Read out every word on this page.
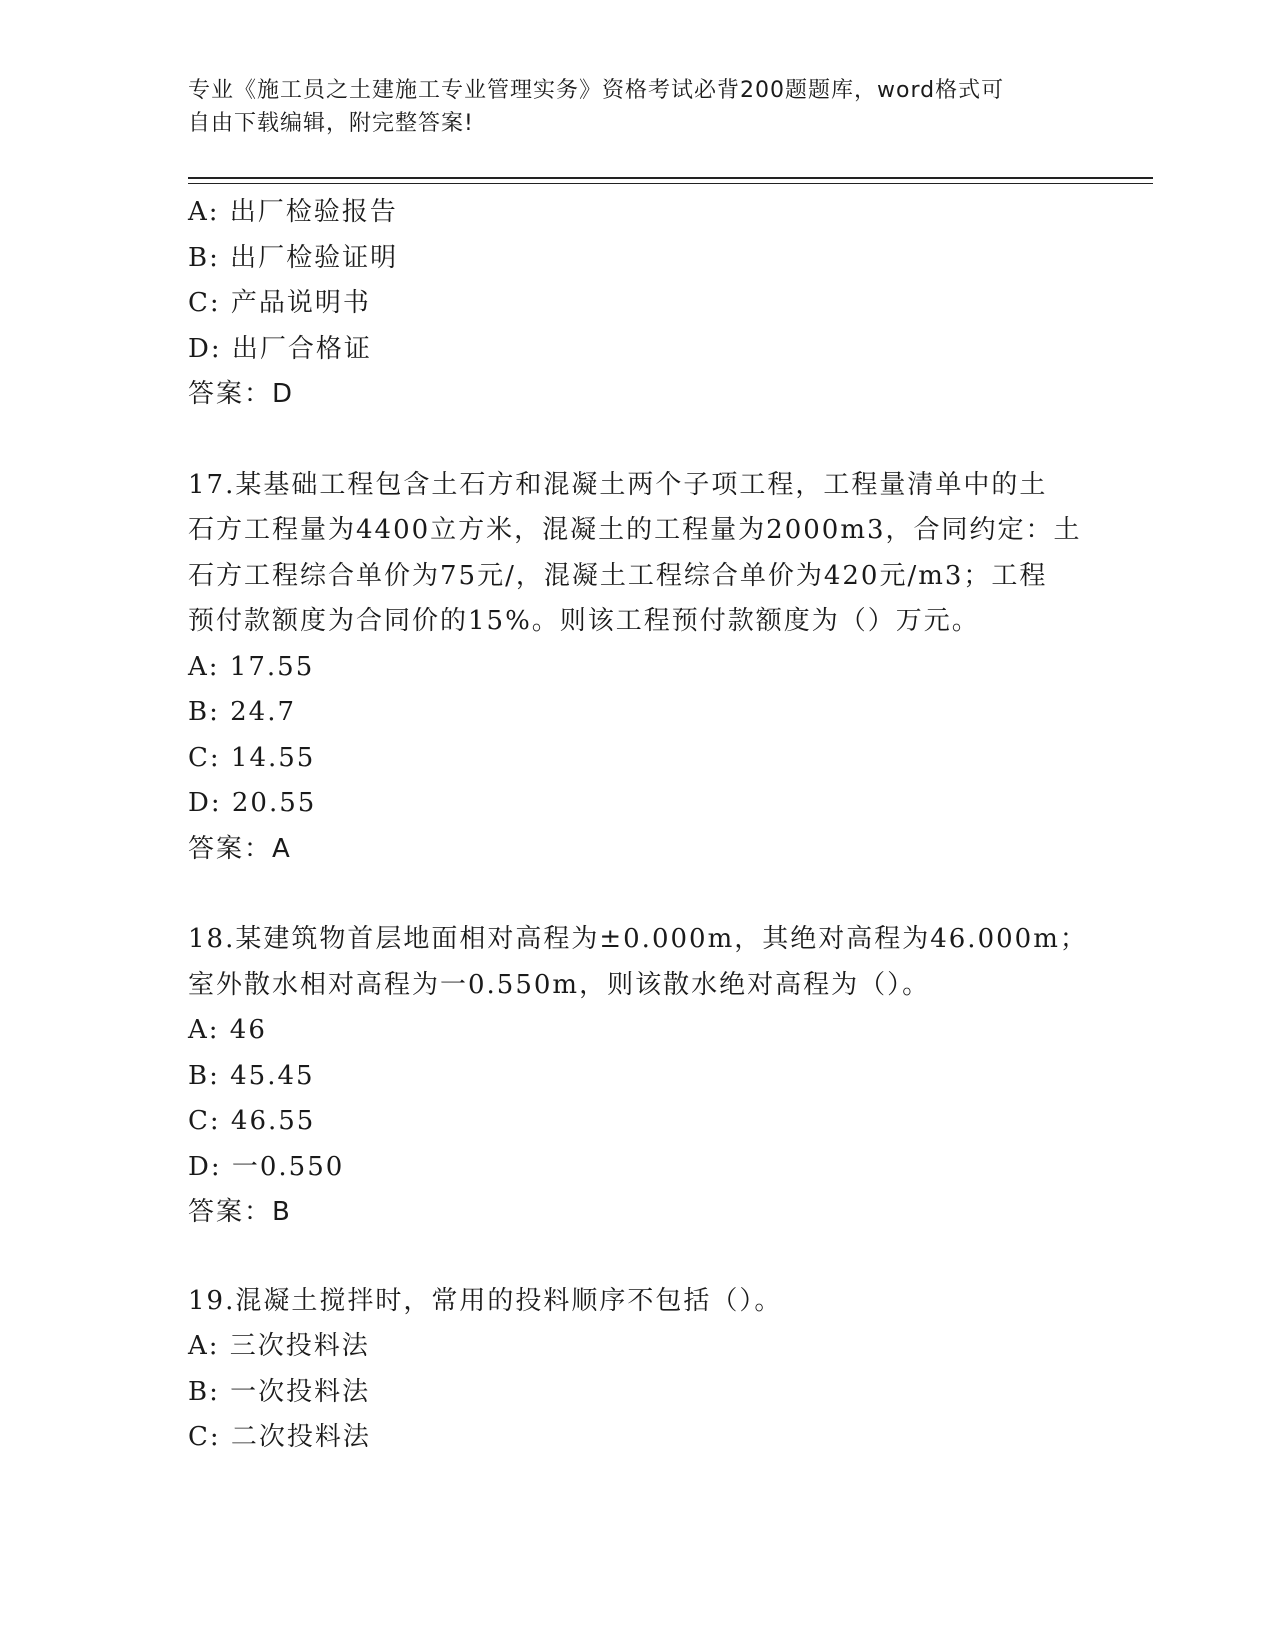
专业《施工员之土建施工专业管理实务》资格考试必背200题题库，word格式可
自由下载编辑，附完整答案!
A: 出厂检验报告
B: 出厂检验证明
C: 产品说明书
D: 出厂合格证
答案：D
17.某基础工程包含土石方和混凝土两个子项工程，工程量清单中的土
石方工程量为4400立方米，混凝土的工程量为2000m3，合同约定：土
石方工程综合单价为75元/，混凝土工程综合单价为420元/m3；工程
预付款额度为合同价的15%。则该工程预付款额度为（）万元。
A: 17.55
B: 24.7
C: 14.55
D: 20.55
答案：A
18.某建筑物首层地面相对高程为±0.000m，其绝对高程为46.000m；
室外散水相对高程为一0.550m，则该散水绝对高程为（）。
A: 46
B: 45.45
C: 46.55
D: 一0.550
答案：B
19.混凝土搅拌时，常用的投料顺序不包括（）。
A: 三次投料法
B: 一次投料法
C: 二次投料法
